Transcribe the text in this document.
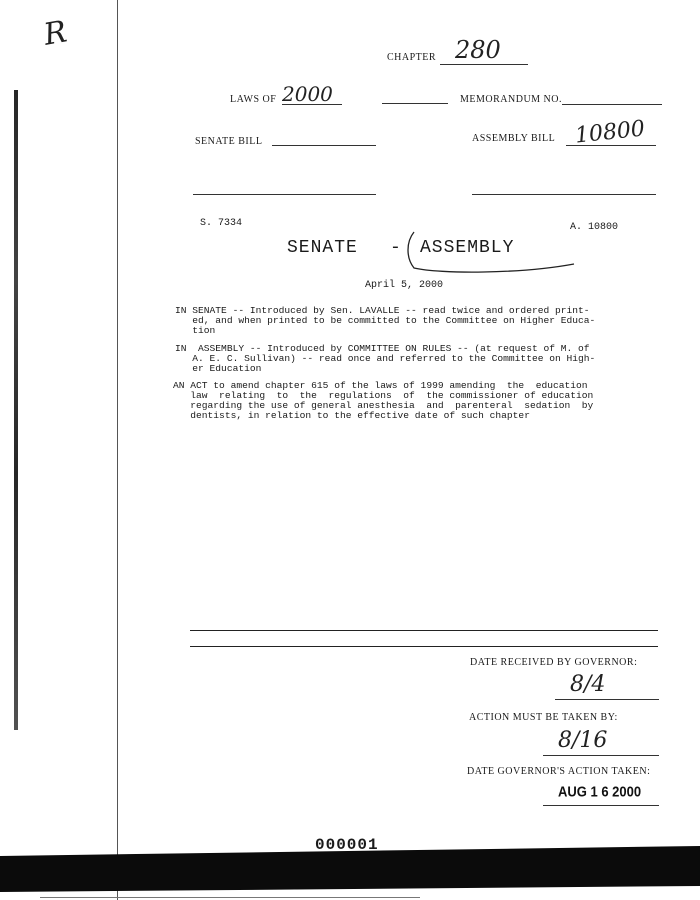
R
CHAPTER 280
LAWS OF 2000	MEMORANDUM NO.
SENATE BILL	ASSEMBLY BILL 10800
S. 7334	A. 10800
SENATE - ASSEMBLY
April 5, 2000
IN SENATE -- Introduced by Sen. LAVALLE -- read twice and ordered print-
ed, and when printed to be committed to the Committee on Higher Educa-
tion
IN  ASSEMBLY -- Introduced by COMMITTEE ON RULES -- (at request of M. of
A. E. C. Sullivan) -- read once and referred to the Committee on High-
er Education
AN ACT to amend chapter 615 of the laws of 1999 amending  the  education
law  relating  to  the  regulations  of  the commissioner of education
regarding the use of general anesthesia  and  parenteral  sedation  by
dentists, in relation to the effective date of such chapter
DATE RECEIVED BY GOVERNOR:
8/4
ACTION MUST BE TAKEN BY:
8/16
DATE GOVERNOR'S ACTION TAKEN:
AUG 1 6 2000
000001
